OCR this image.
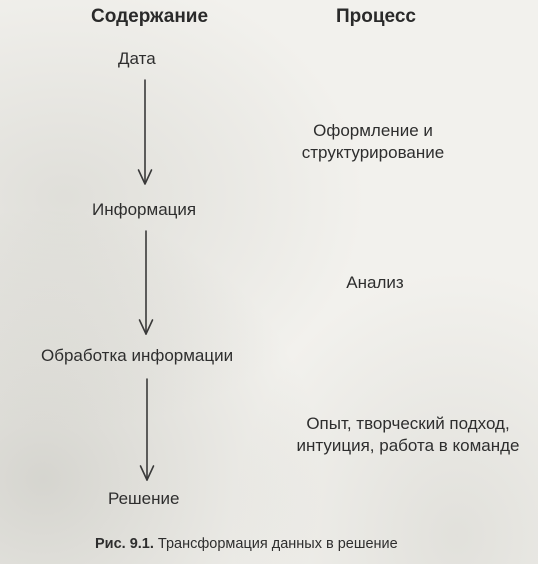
Содержание	Процесс
Дата
Информация
Обработка информации
Решение
Оформление и
структурирование
Анализ
Опыт, творческий подход,
интуиция, работа в команде
Рис. 9.1. Трансформация данных в решение
